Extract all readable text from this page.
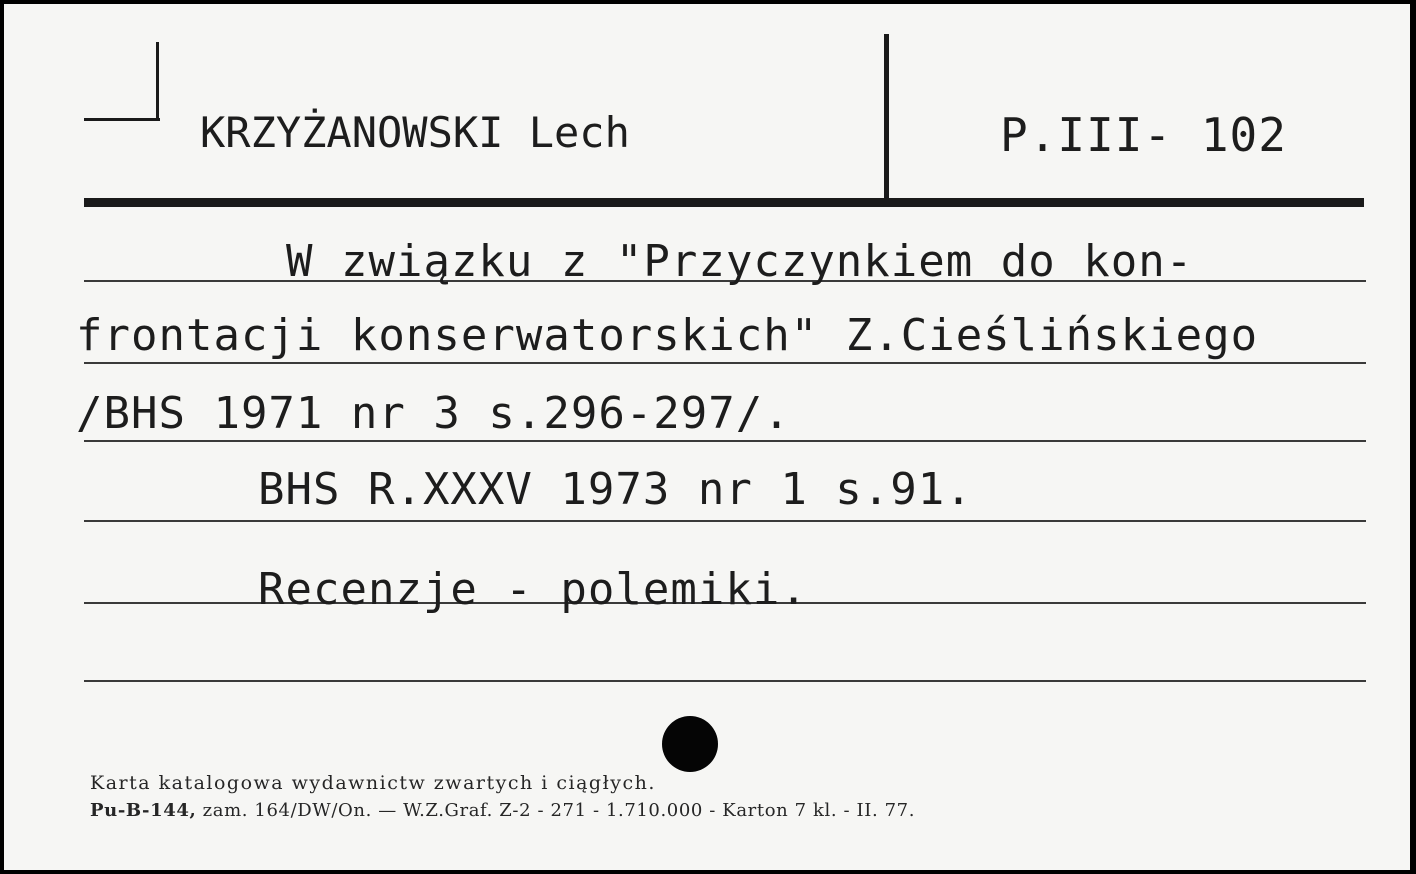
KRZYŻANOWSKI Lech	P.III- 102
W związku z "Przyczynkiem do kon-
frontacji konserwatorskich" Z.Cieślińskiego
/BHS 1971 nr 3 s.296-297/.
BHS R.XXXV 1973 nr 1 s.91.
Recenzje - polemiki.
Karta katalogowa wydawnictw zwartych i ciągłych.
Pu-B-144, zam. 164/DW/On. — W.Z.Graf. Z-2 - 271 - 1.710.000 - Karton 7 kl. - II. 77.
